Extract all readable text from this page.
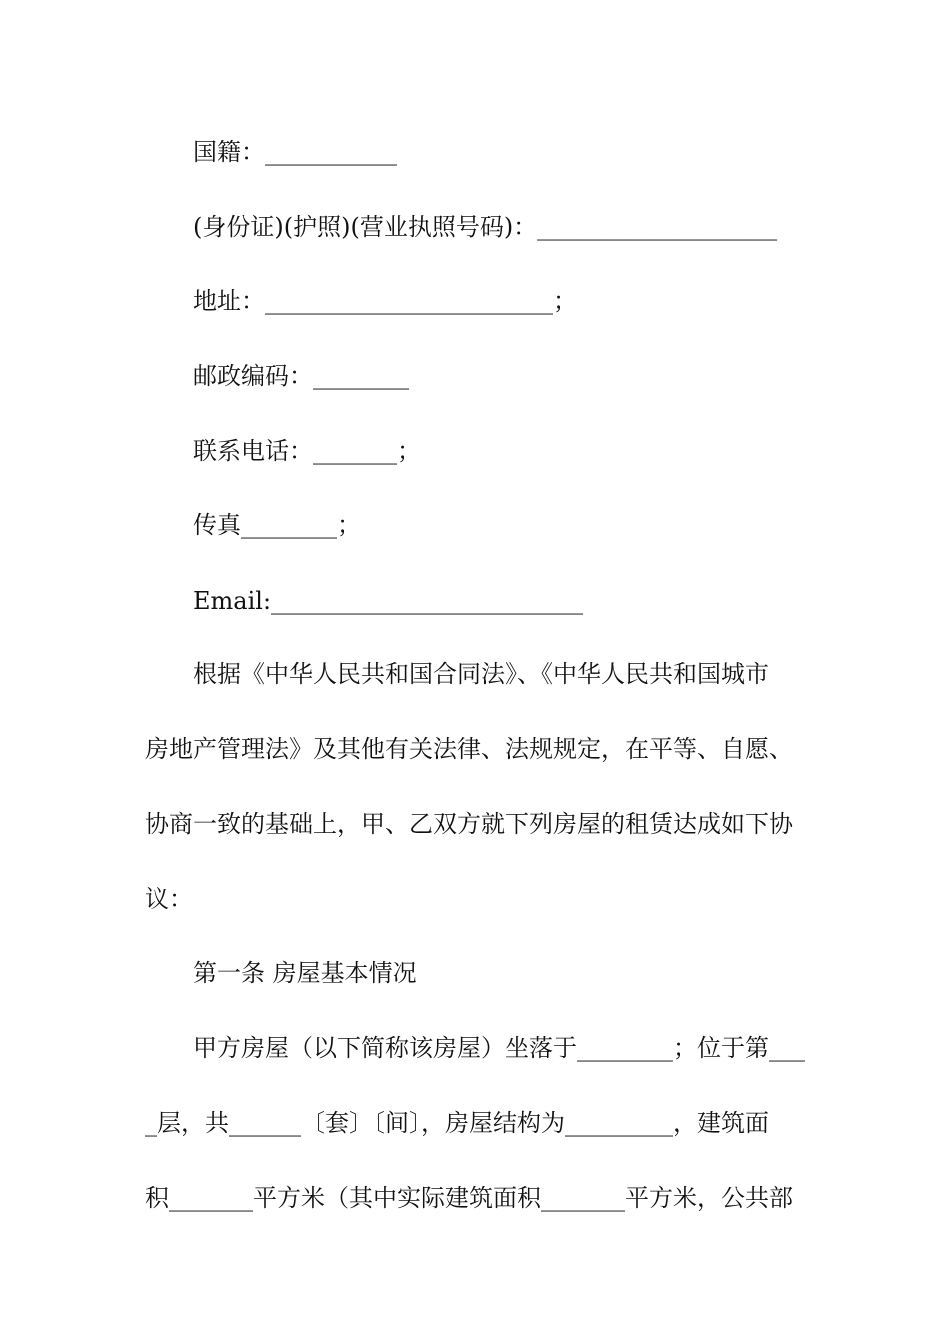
国籍：___________
(身份证)(护照)(营业执照号码)：____________________
地址：________________________；
邮政编码：________
联系电话：_______；
传真________；
Email:__________________________
根据《中华人民共和国合同法》、《中华人民共和国城市
房地产管理法》及其他有关法律、法规规定，在平等、自愿、
协商一致的基础上，甲、乙双方就下列房屋的租赁达成如下协
议：
第一条 房屋基本情况
甲方房屋（以下简称该房屋）坐落于________；位于第___
_层，共______〔套〕〔间〕，房屋结构为_________，建筑面
积_______平方米（其中实际建筑面积_______平方米，公共部
